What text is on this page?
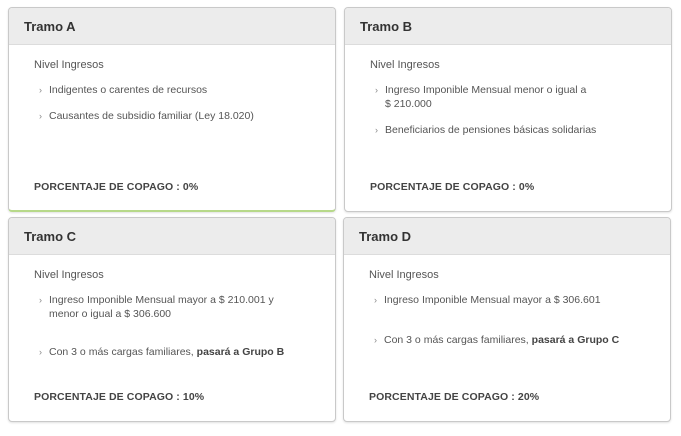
Tramo A
Nivel Ingresos
› Indigentes o carentes de recursos
› Causantes de subsidio familiar (Ley 18.020)
PORCENTAJE DE COPAGO : 0%
Tramo B
Nivel Ingresos
› Ingreso Imponible Mensual menor o igual a
$ 210.000
› Beneficiarios de pensiones básicas solidarias
PORCENTAJE DE COPAGO : 0%
Tramo C
Nivel Ingresos
› Ingreso Imponible Mensual mayor a $ 210.001 y
menor o igual a $ 306.600
› Con 3 o más cargas familiares, pasará a Grupo B
PORCENTAJE DE COPAGO : 10%
Tramo D
Nivel Ingresos
› Ingreso Imponible Mensual mayor a $ 306.601
› Con 3 o más cargas familiares, pasará a Grupo C
PORCENTAJE DE COPAGO : 20%
